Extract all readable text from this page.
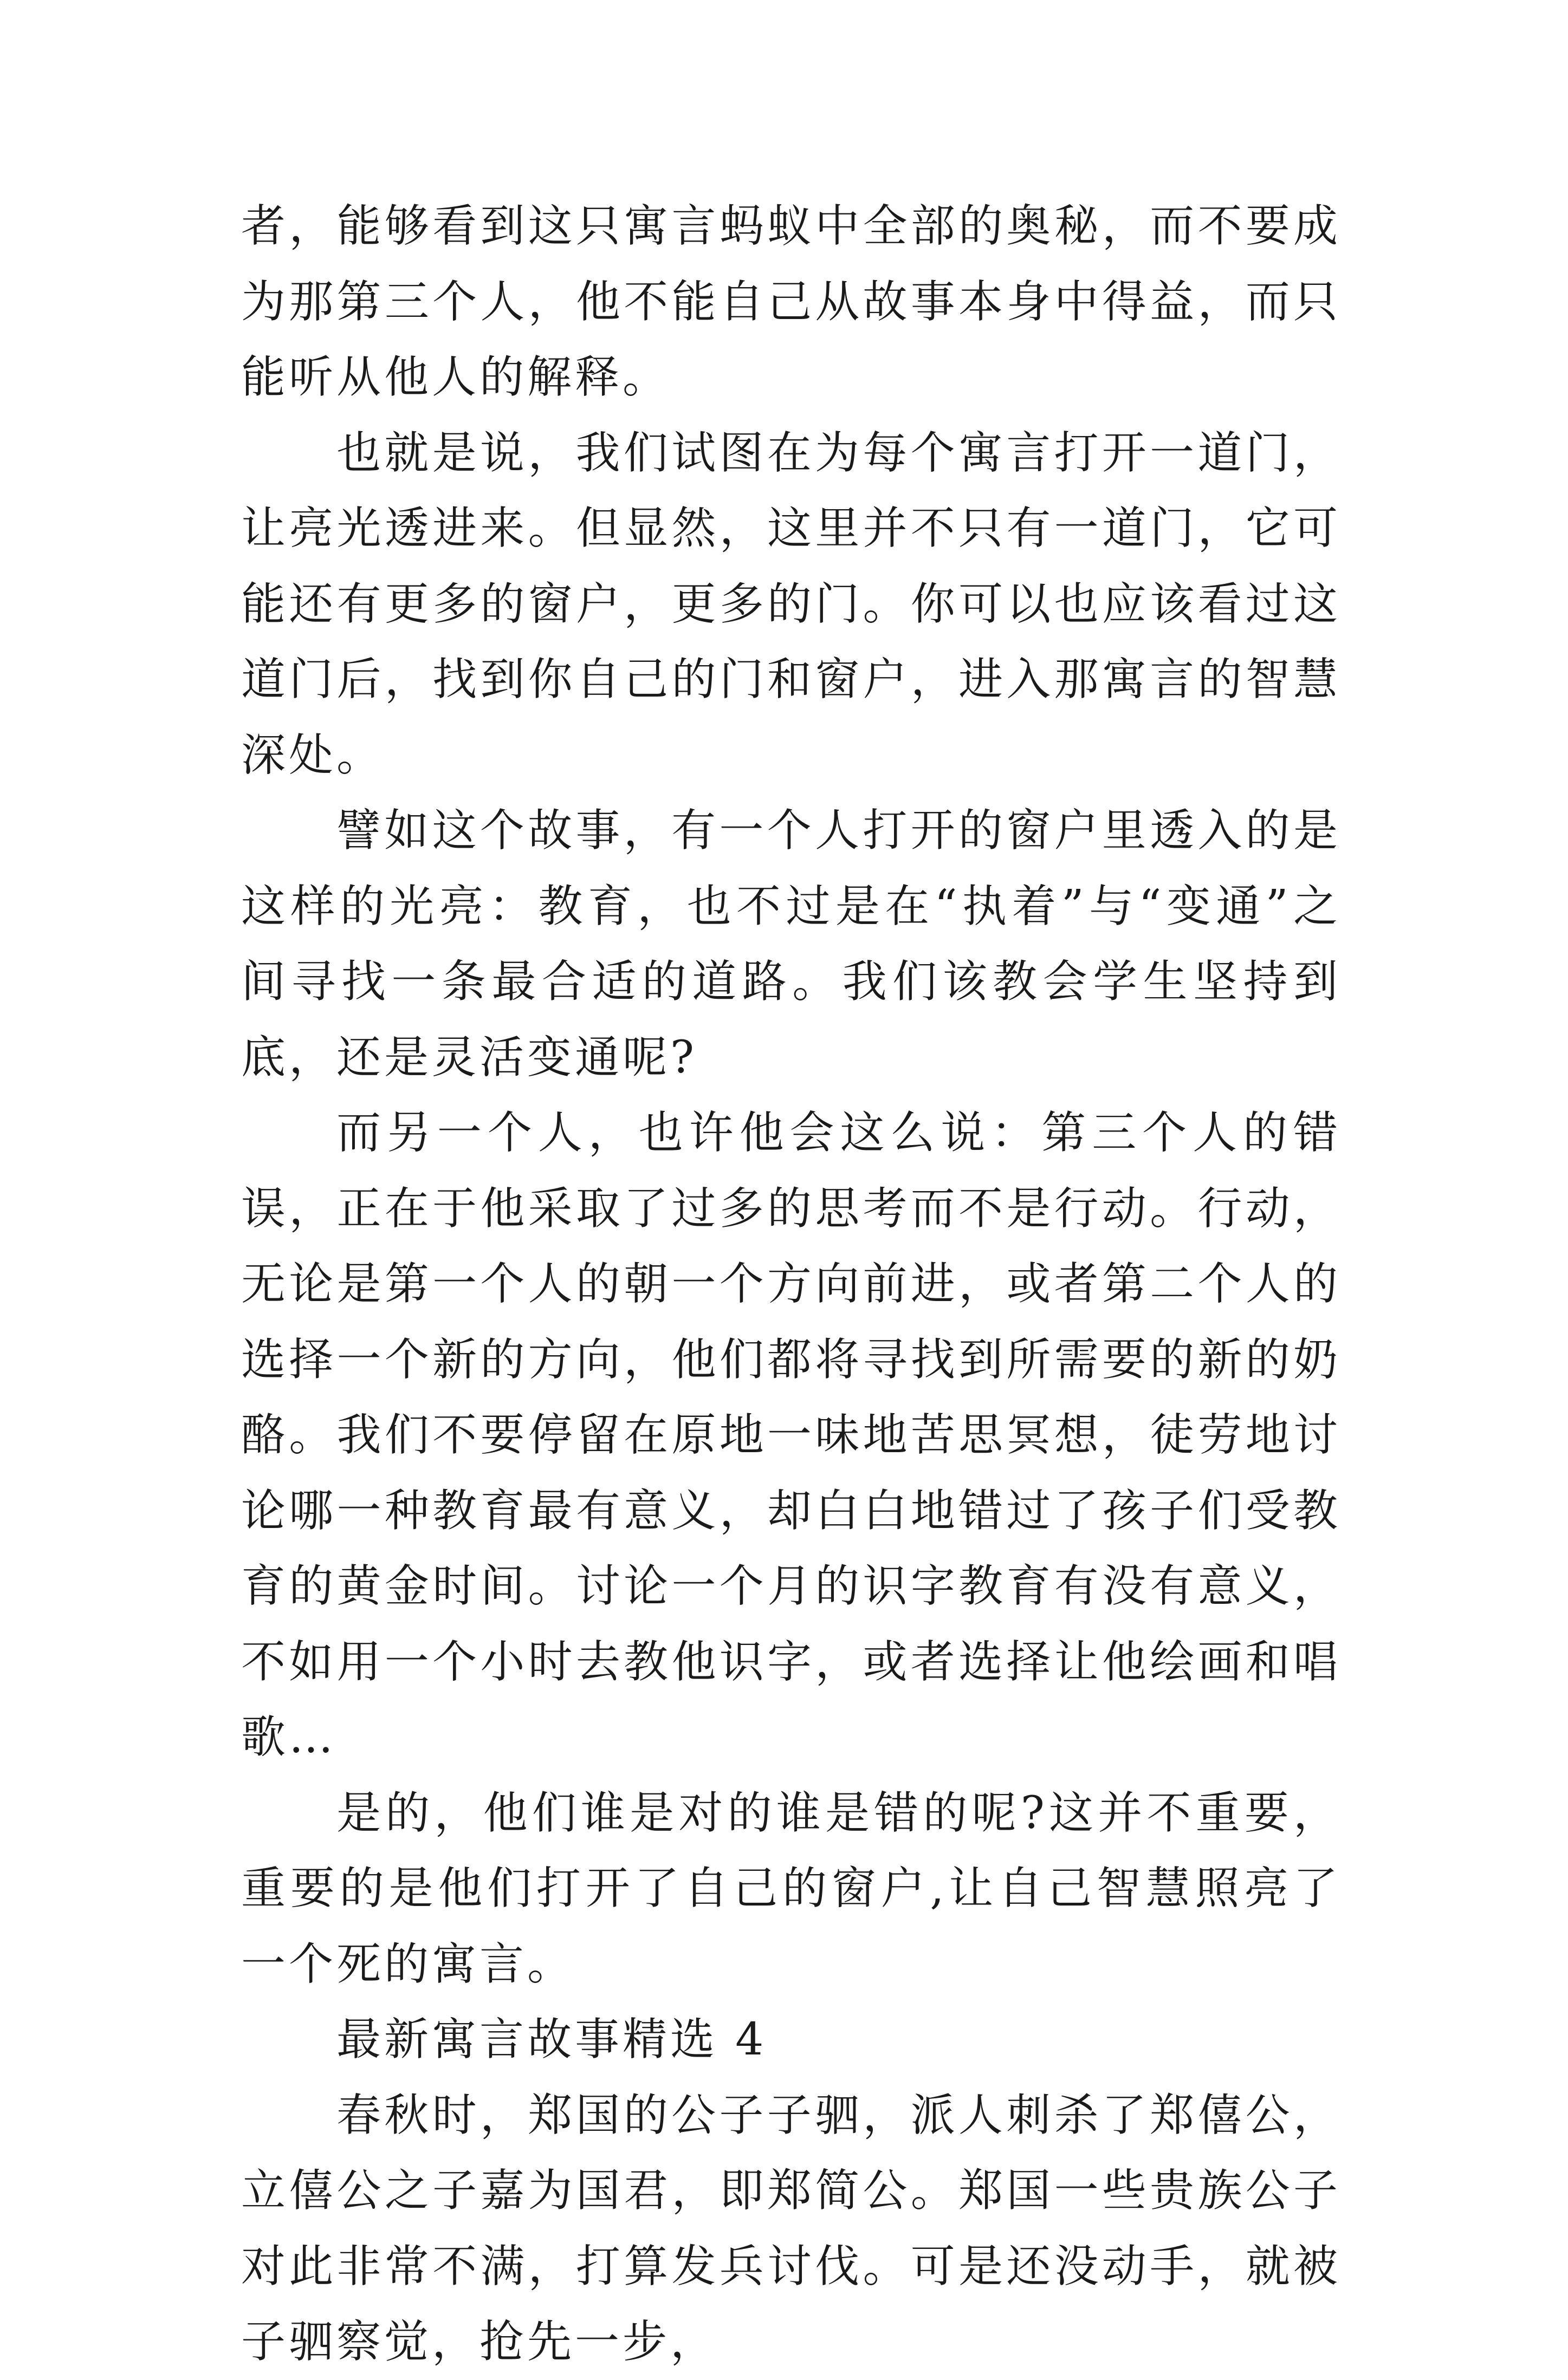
者，能够看到这只寓言蚂蚁中全部的奥秘，而不要成为那第三个人，他不能自己从故事本身中得益，而只能听从他人的解释。

也就是说，我们试图在为每个寓言打开一道门，让亮光透进来。但显然，这里并不只有一道门，它可能还有更多的窗户，更多的门。你可以也应该看过这道门后，找到你自己的门和窗户，进入那寓言的智慧深处。

譬如这个故事，有一个人打开的窗户里透入的是这样的光亮：教育，也不过是在“执着”与“变通”之间寻找一条最合适的道路。我们该教会学生坚持到底，还是灵活变通呢?

而另一个人，也许他会这么说：第三个人的错误，正在于他采取了过多的思考而不是行动。行动，无论是第一个人的朝一个方向前进，或者第二个人的选择一个新的方向，他们都将寻找到所需要的新的奶酪。我们不要停留在原地一味地苦思冥想，徒劳地讨论哪一种教育最有意义，却白白地错过了孩子们受教育的黄金时间。讨论一个月的识字教育有没有意义，不如用一个小时去教他识字，或者选择让他绘画和唱歌…

是的，他们谁是对的谁是错的呢?这并不重要，重要的是他们打开了自己的窗户,让自己智慧照亮了一个死的寓言。

最新寓言故事精选 4

春秋时，郑国的公子子驷，派人刺杀了郑僖公，立僖公之子嘉为国君，即郑简公。郑国一些贵族公子对此非常不满，打算发兵讨伐。可是还没动手，就被子驷察觉，抢先一步，
